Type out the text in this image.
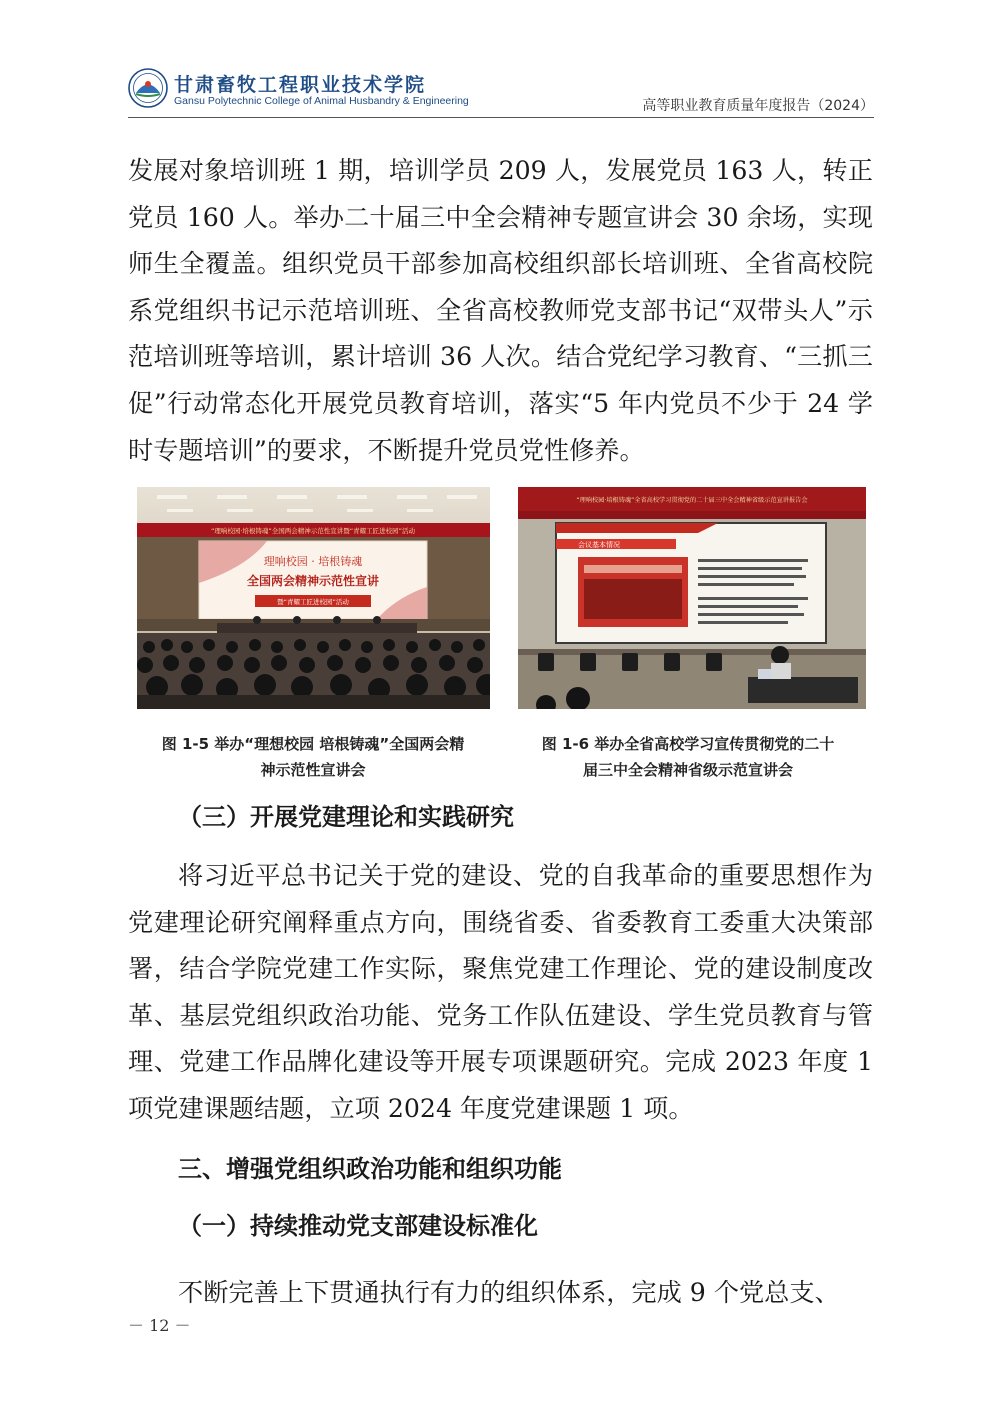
甘肃畜牧工程职业技术学院
Gansu Polytechnic College of Animal Husbandry & Engineering	高等职业教育质量年度报告（2024）

发展对象培训班 1 期，培训学员 209 人，发展党员 163 人，转正党员 160 人。举办二十届三中全会精神专题宣讲会 30 余场，实现师生全覆盖。组织党员干部参加高校组织部长培训班、全省高校院系党组织书记示范培训班、全省高校教师党支部书记“双带头人”示范培训班等培训，累计培训 36 人次。结合党纪学习教育、“三抓三促”行动常态化开展党员教育培训，落实“5 年内党员不少于 24 学时专题培训”的要求，不断提升党员党性修养。

“理响校园·培根铸魂”全国两会精神示范性宣讲暨“青耀工匠进校园”活动
理响校园 · 培根铸魂
全国两会精神示范性宣讲
暨“青耀工匠进校园”活动
“理响校园·培根铸魂”全省高校学习贯彻党的二十届三中全会精神省级示范宣讲报告会
会议基本情况
图 1-5 举办“理想校园 培根铸魂”全国两会精
神示范性宣讲会
图 1-6 举办全省高校学习宣传贯彻党的二十
届三中全会精神省级示范宣讲会
（三）开展党建理论和实践研究

将习近平总书记关于党的建设、党的自我革命的重要思想作为党建理论研究阐释重点方向，围绕省委、省委教育工委重大决策部署，结合学院党建工作实际，聚焦党建工作理论、党的建设制度改革、基层党组织政治功能、党务工作队伍建设、学生党员教育与管理、党建工作品牌化建设等开展专项课题研究。完成 2023 年度 1 项党建课题结题，立项 2024 年度党建课题 1 项。

三、增强党组织政治功能和组织功能
（一）持续推动党支部建设标准化

不断完善上下贯通执行有力的组织体系，完成 9 个党总支、

－ 12 －
